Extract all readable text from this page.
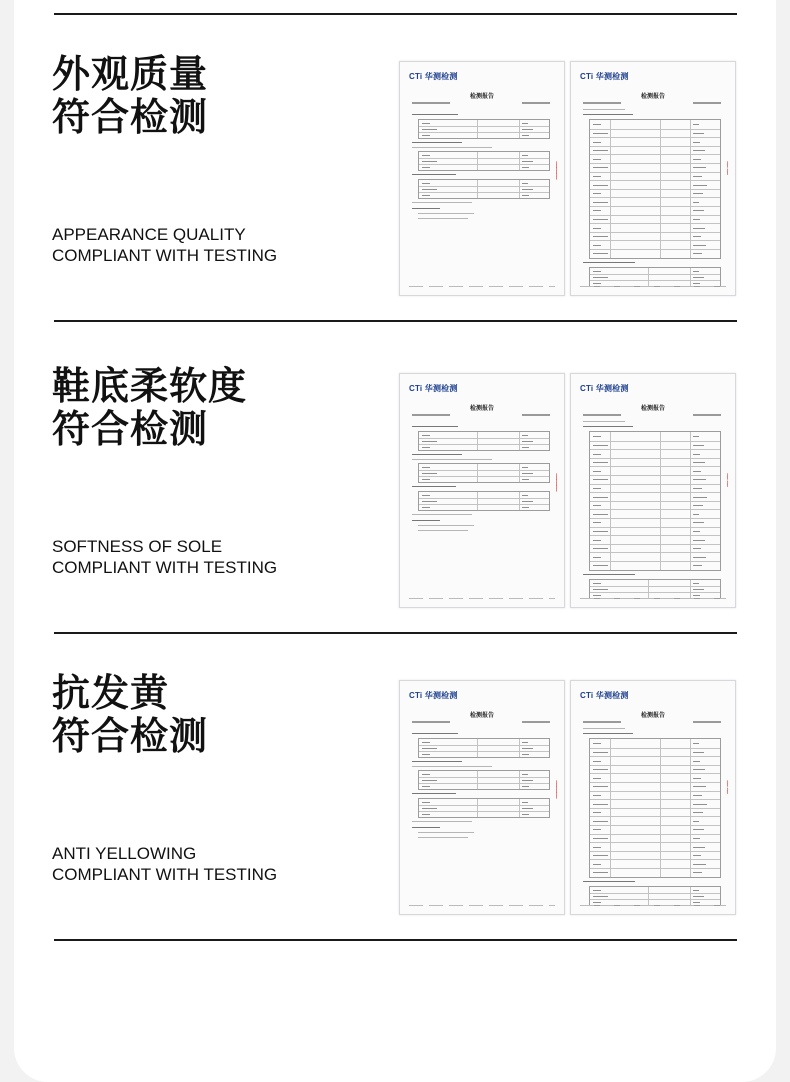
外观质量
符合检测

APPEARANCE QUALITY
COMPLIANT WITH TESTING

CTi 华测检测
检测报告
⁓⁓⁓
CTi 华测检测
检测报告
⁓ ⁓
鞋底柔软度
符合检测

SOFTNESS OF SOLE
COMPLIANT WITH TESTING

CTi 华测检测
检测报告
⁓⁓⁓
CTi 华测检测
检测报告
⁓ ⁓
抗发黄
符合检测

ANTI YELLOWING
COMPLIANT WITH TESTING

CTi 华测检测
检测报告
⁓⁓⁓
CTi 华测检测
检测报告
⁓ ⁓
